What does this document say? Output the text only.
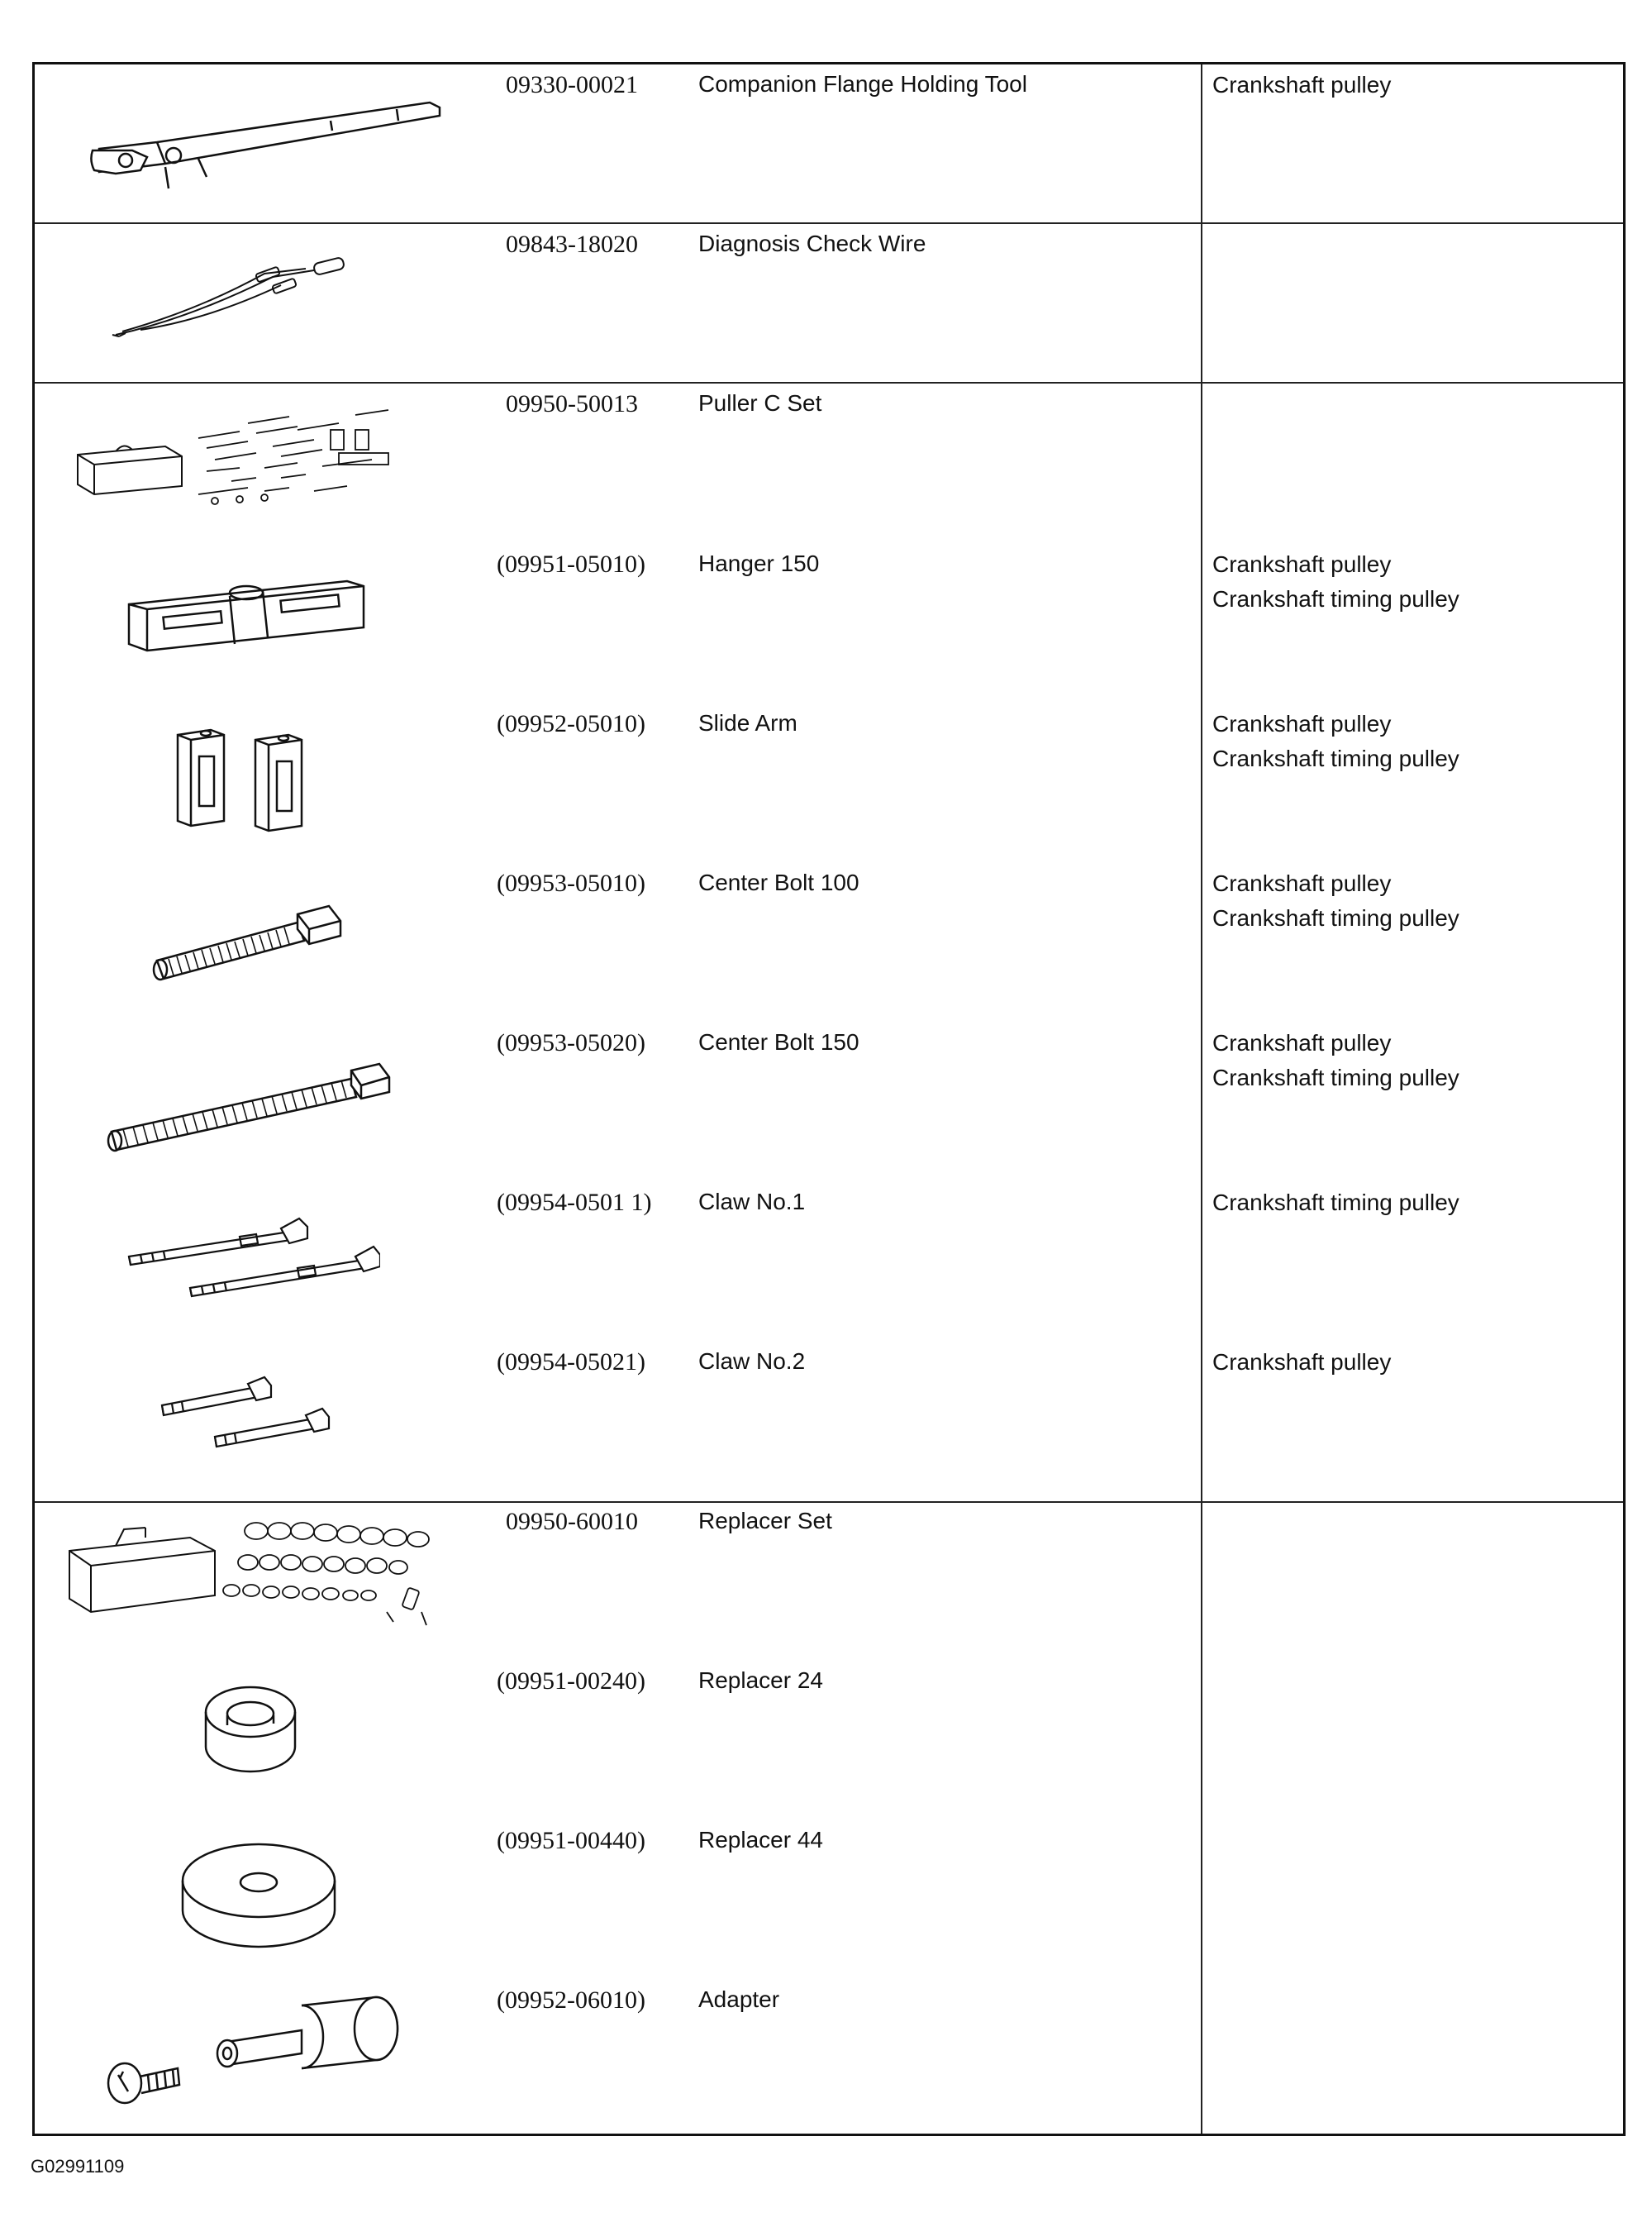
09330-00021	Companion Flange Holding Tool	Crankshaft pulley
09843-18020	Diagnosis Check Wire
09950-50013	Puller C Set
(09951-05010) Hanger 150	Crankshaft pulley
Crankshaft timing pulley
(09952-05010) Slide Arm	Crankshaft pulley
Crankshaft timing pulley
(09953-05010) Center Bolt 100	Crankshaft pulley
Crankshaft timing pulley
(09953-05020) Center Bolt 150	Crankshaft pulley
Crankshaft timing pulley
(09954-0501 1) Claw No.1	Crankshaft timing pulley
(09954-05021) Claw No.2	Crankshaft pulley
09950-60010	Replacer Set
(09951-00240) Replacer 24
(09951-00440) Replacer 44
(09952-06010) Adapter
G02991109
